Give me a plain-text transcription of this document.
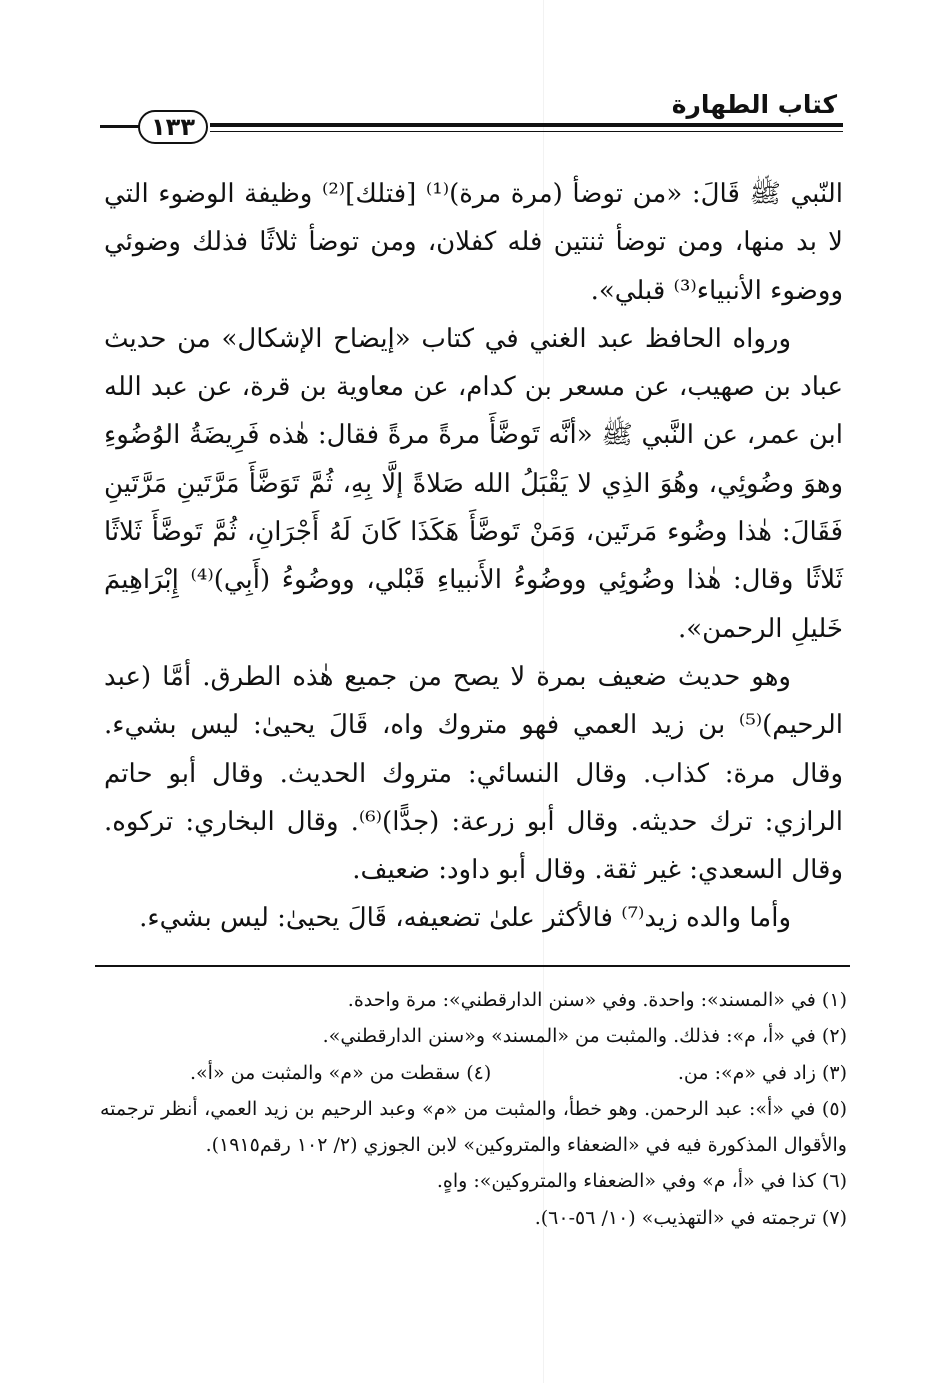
كتاب الطهارة
١٣٣

النّبي ﷺ قَالَ: «من توضأ (مرة مرة)⁽¹⁾ [فتلك]⁽²⁾ وظيفة الوضوء التي لا بد منها، ومن توضأ ثنتين فله كفلان، ومن توضأ ثلاثًا فذلك وضوئي ووضوء الأنبياء⁽³⁾ قبلي».

ورواه الحافظ عبد الغني في كتاب «إيضاح الإشكال» من حديث عباد بن صهيب، عن مسعر بن كدام، عن معاوية بن قرة، عن عبد الله ابن عمر، عن النَّبي ﷺ «أنَّه تَوضَّأَ مرةً مرةً فقال: هٰذه فَرِيضَةُ الوُضُوءِ وهوَ وضُوئِي، وهُوَ الذِي لا يَقْبَلُ الله صَلاةً إلَّا بِهِ، ثُمَّ تَوَضَّأَ مَرَّتَينِ مَرَّتَينِ فَقَالَ: هٰذا وضُوء مَرتَين، وَمَنْ تَوضَّأَ هَكَذَا كَانَ لَهُ أَجْرَانِ، ثُمَّ تَوضَّأَ ثَلاثًا ثَلاثًا وقال: هٰذا وضُوئِي ووضُوءُ الأَنبياءِ قَبْلي، ووضُوءُ (أَبِي)⁽⁴⁾ إِبْرَاهِيمَ خَليلِ الرحمن».

وهو حديث ضعيف بمرة لا يصح من جميع هٰذه الطرق. أمَّا (عبد الرحيم)⁽⁵⁾ بن زيد العمي فهو متروك واه، قَالَ يحيىٰ: ليس بشيء. وقال مرة: كذاب. وقال النسائي: متروك الحديث. وقال أبو حاتم الرازي: ترك حديثه. وقال أبو زرعة: (جدًّا)⁽⁶⁾. وقال البخاري: تركوه. وقال السعدي: غير ثقة. وقال أبو داود: ضعيف.

وأما والده زيد⁽⁷⁾ فالأكثر علىٰ تضعيفه، قَالَ يحيىٰ: ليس بشيء.

(١) في «المسند»: واحدة. وفي «سنن الدارقطني»: مرة واحدة.

(٢) في «أ، م»: فذلك. والمثبت من «المسند» و«سنن الدارقطني».

(٣) زاد في «م»: من.
(٤) سقطت من «م» والمثبت من «أ».

(٥) في «أ»: عبد الرحمن. وهو خطأ، والمثبت من «م» وعبد الرحيم بن زيد العمي، أنظر ترجمته والأقوال المذكورة فيه في «الضعفاء والمتروكين» لابن الجوزي (٢/ ١٠٢ رقم١٩١٥).

(٦) كذا في «أ، م» وفي «الضعفاء والمتروكين»: واهٍ.

(٧) ترجمته في «التهذيب» (١٠/ ٥٦-٦٠).
